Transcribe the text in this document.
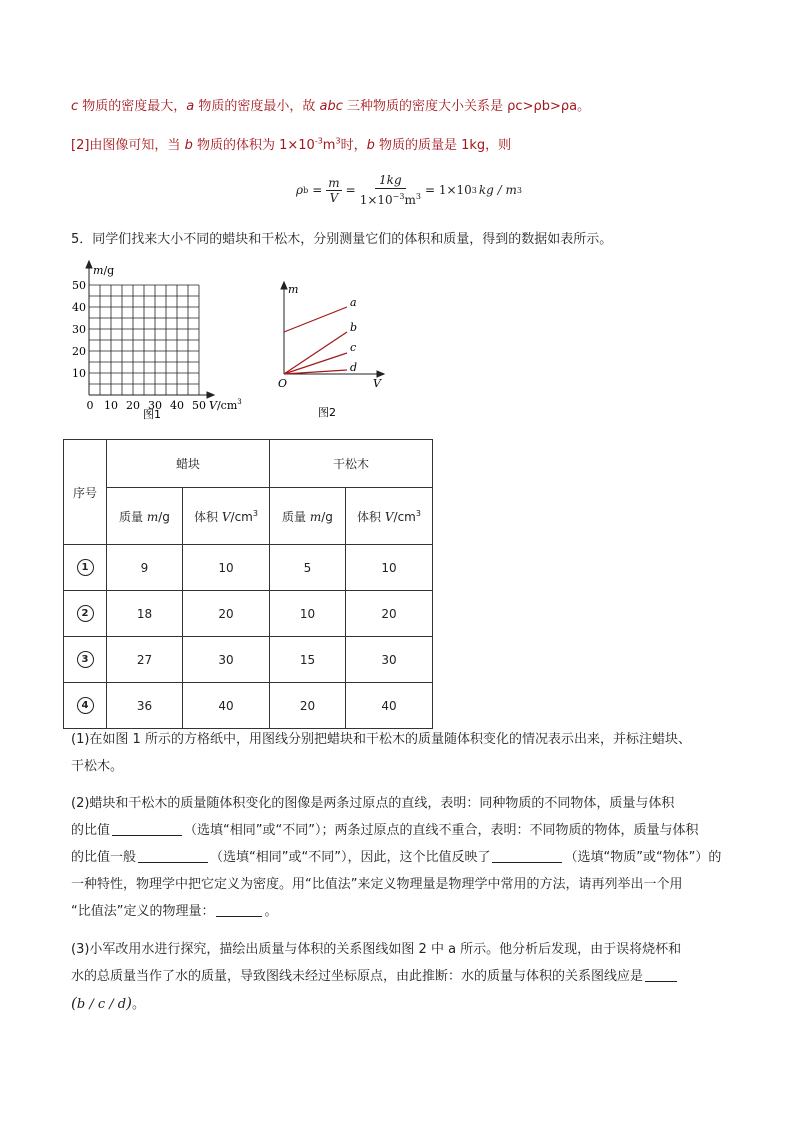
c 物质的密度最大，a 物质的密度最小，故 abc 三种物质的密度大小关系是 ρc>ρb>ρa。
[2]由图像可知，当 b 物质的体积为 $1\times 10^{-3}m^3$时，b 物质的质量是 1kg，则
ρ $b = \frac{m}{V} = \frac{1kg}{1\times 10^{-3}m^3} = 1\times 10$ 3 kg / m 3
5．同学们找来大小不同的蜡块和干松木，分别测量它们的体积和质量，得到的数据如表所示。
m/g
50
40
30
20
10
0 10 20 30 40 50 $V/cm^3$
图1
m
a
b
c
d
V
O
图2
序号	蜡块		干松木	
	质量 m/g	体积 $V/cm^3$	质量 m/g	体积 $V/cm^3$
1	9	10	5	10
2	18	20	10	20
3	27	30	15	30
4	36	40	20	40
(1)在如图 1 所示的方格纸中，用图线分别把蜡块和干松木的质量随体积变化的情况表示出来，并标注蜡块、
干松木。
(2)蜡块和干松木的质量随体积变化的图像是两条过原点的直线，表明：同种物质的不同物体，质量与体积
的比值	（选填“相同”或“不同”）；两条过原点的直线不重合，表明：不同物质的物体，质量与体积
的比值一般	（选填“相同”或“不同”），因此，这个比值反映了	（选填“物质”或“物体”）的
一种特性，物理学中把它定义为密度。用“比值法”来定义物理量是物理学中常用的方法，请再列举出一个用
“比值法”定义的物理量：	。
(3)小军改用水进行探究，描绘出质量与体积的关系图线如图 2 中 a 所示。他分析后发现，由于误将烧杯和
水的总质量当作了水的质量，导致图线未经过坐标原点，由此推断：水的质量与体积的关系图线应是
(b / c / d)。
